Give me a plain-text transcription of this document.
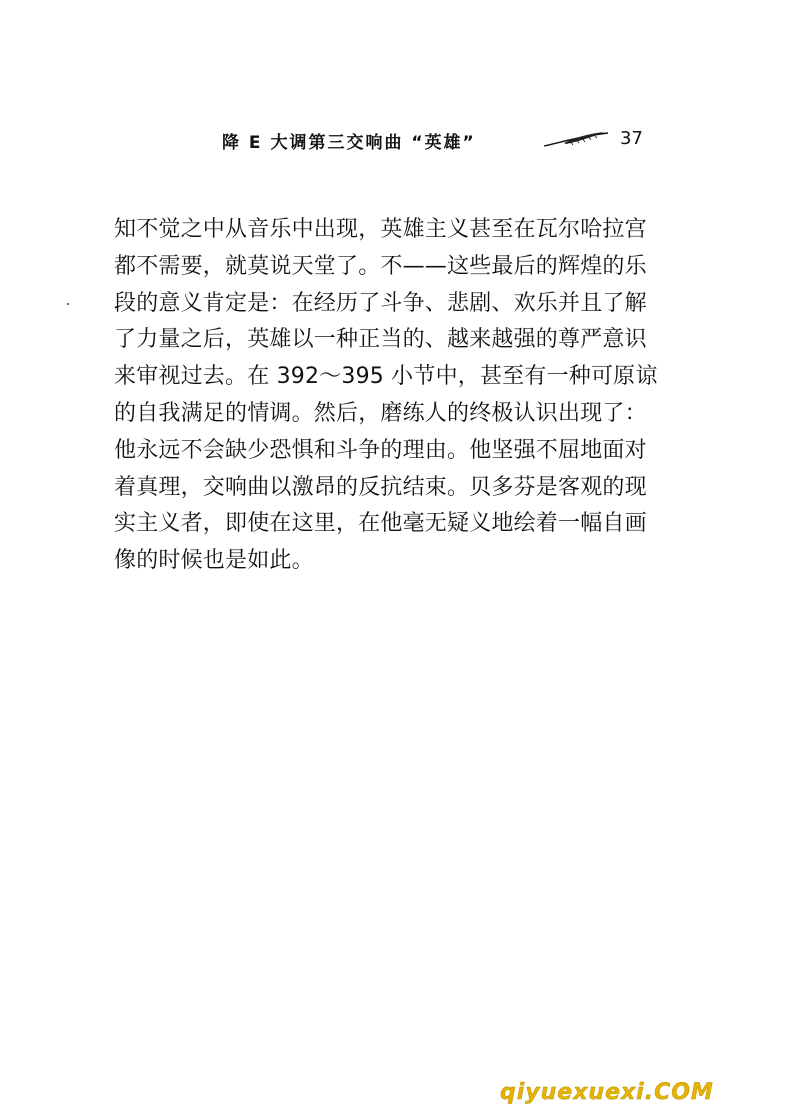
降 E 大调第三交响曲 “英雄”	37
知不觉之中从音乐中出现，英雄主义甚至在瓦尔哈拉宫
都不需要，就莫说天堂了。不——这些最后的辉煌的乐
段的意义肯定是：在经历了斗争、悲剧、欢乐并且了解
了力量之后，英雄以一种正当的、越来越强的尊严意识
来审视过去。在 392～395 小节中，甚至有一种可原谅
的自我满足的情调。然后，磨练人的终极认识出现了：
他永远不会缺少恐惧和斗争的理由。他坚强不屈地面对
着真理，交响曲以激昂的反抗结束。贝多芬是客观的现
实主义者，即使在这里，在他毫无疑义地绘着一幅自画
像的时候也是如此。
qiyuexuexi.COM
